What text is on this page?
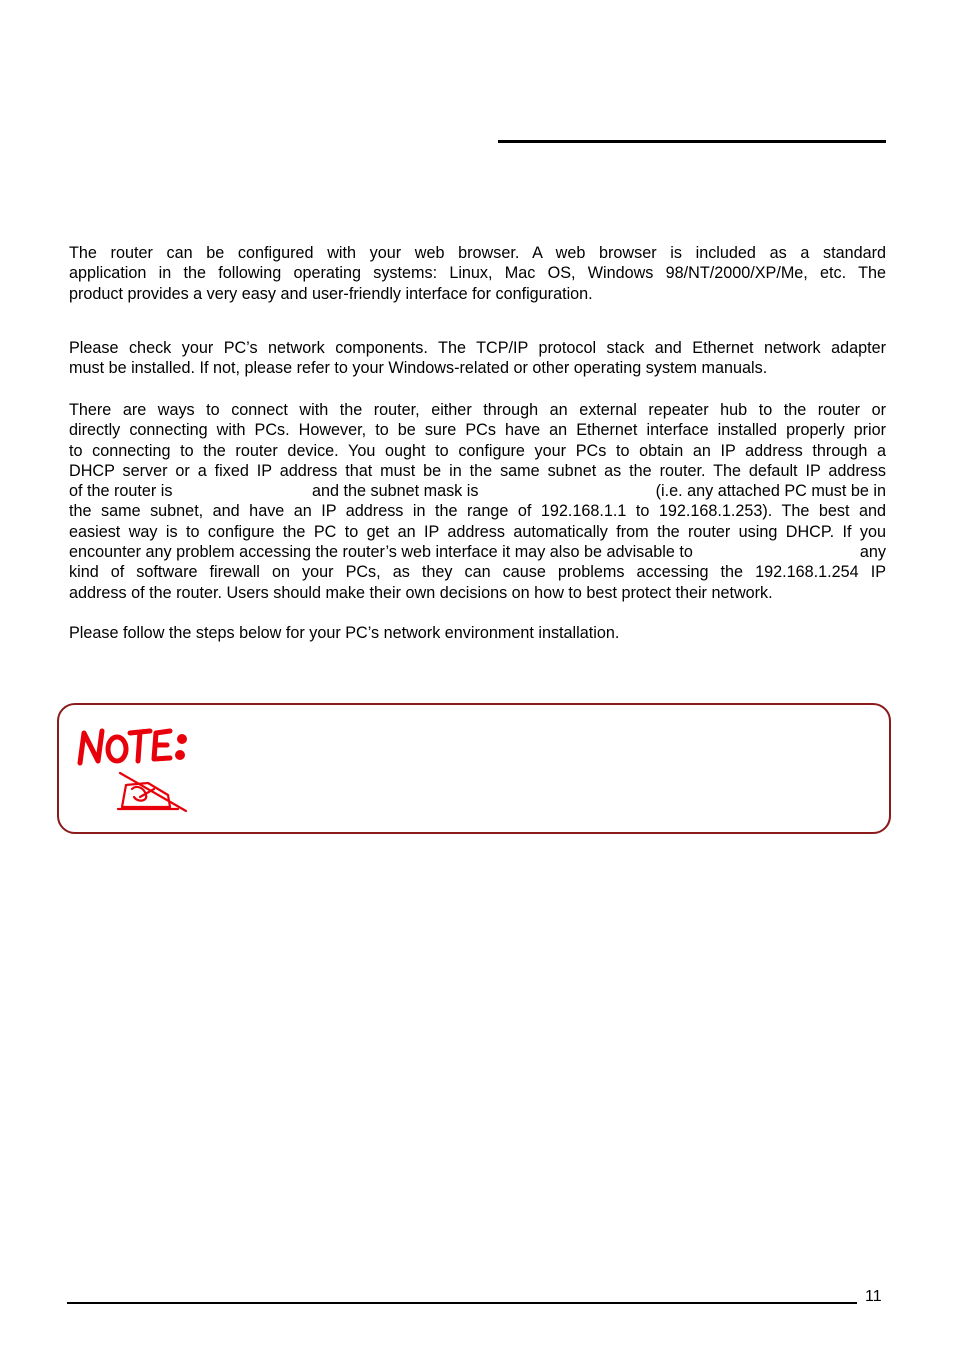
The router can be configured with your web browser. A web browser is included as a standard
application in the following operating systems: Linux, Mac OS, Windows 98/NT/2000/XP/Me, etc. The
product provides a very easy and user-friendly interface for configuration.
Please check your PC’s network components. The TCP/IP protocol stack and Ethernet network adapter
must be installed. If not, please refer to your Windows-related or other operating system manuals.
There are ways to connect with the router, either through an external repeater hub to the router or
directly connecting with PCs. However, to be sure PCs have an Ethernet interface installed properly prior
to connecting to the router device. You ought to configure your PCs to obtain an IP address through a
DHCP server or a fixed IP address that must be in the same subnet as the router. The default IP address
of the router is	and the subnet mask is	(i.e. any attached PC must be in
the same subnet, and have an IP address in the range of 192.168.1.1 to 192.168.1.253). The best and
easiest way is to configure the PC to get an IP address automatically from the router using DHCP. If you
encounter any problem accessing the router’s web interface it may also be advisable to	any
kind of software firewall on your PCs, as they can cause problems accessing the 192.168.1.254 IP
address of the router. Users should make their own decisions on how to best protect their network.
Please follow the steps below for your PC’s network environment installation.
11
